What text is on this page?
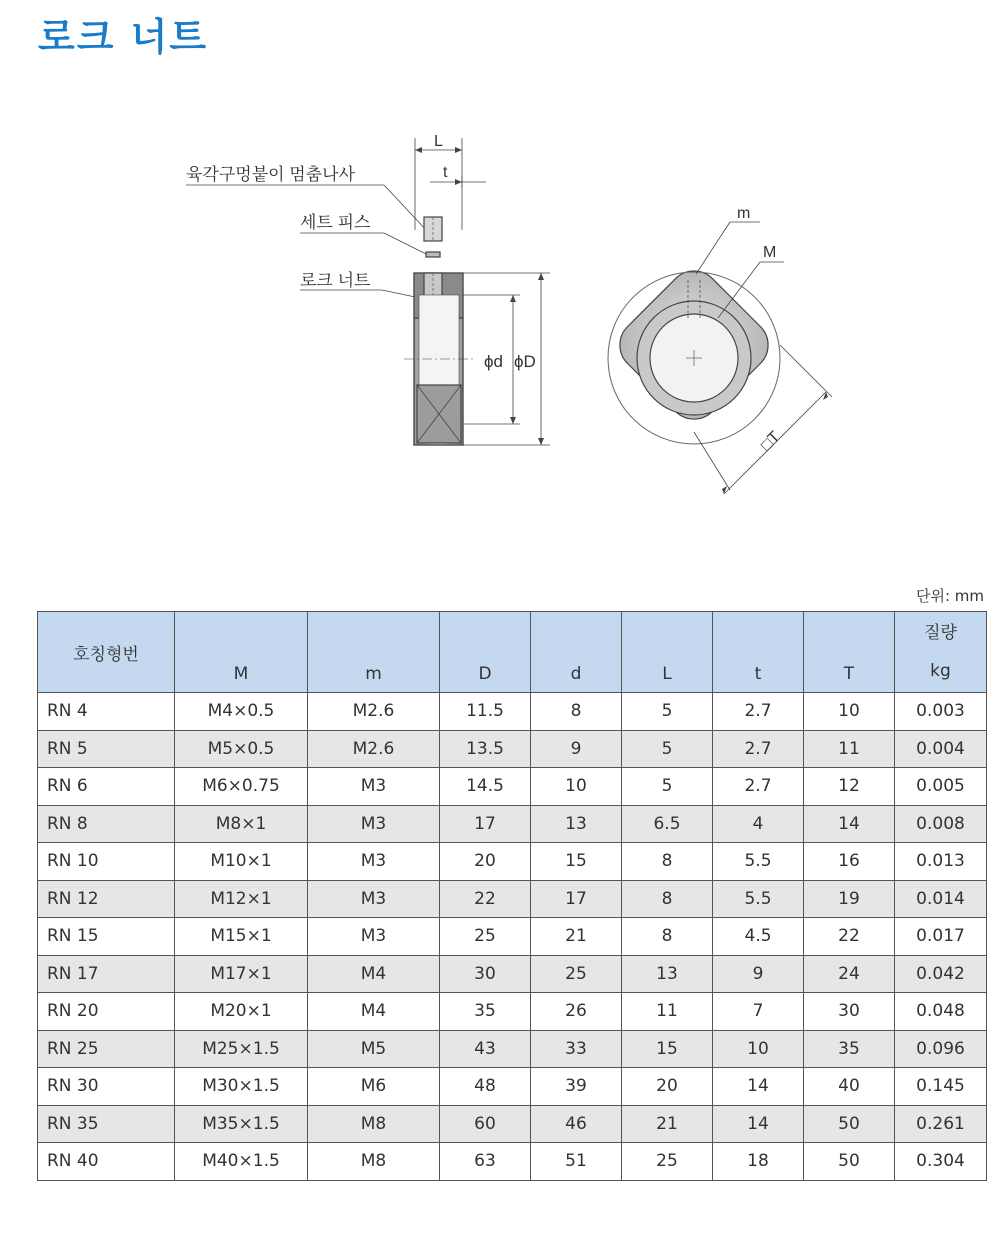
로크 너트
L
t
육각구멍붙이 멈춤나사
세트 피스
로크 너트
ϕd ϕD
m
M
□T
단위: mm
호칭형번	M	m	D	d	L	t	T	질량
kg

RN 4	M4×0.5	M2.6	11.5	8	5	2.7	10	0.003
RN 5	M5×0.5	M2.6	13.5	9	5	2.7	11	0.004
RN 6	M6×0.75	M3	14.5	10	5	2.7	12	0.005
RN 8	M8×1	M3	17	13	6.5	4	14	0.008
RN 10	M10×1	M3	20	15	8	5.5	16	0.013
RN 12	M12×1	M3	22	17	8	5.5	19	0.014
RN 15	M15×1	M3	25	21	8	4.5	22	0.017
RN 17	M17×1	M4	30	25	13	9	24	0.042
RN 20	M20×1	M4	35	26	11	7	30	0.048
RN 25	M25×1.5	M5	43	33	15	10	35	0.096
RN 30	M30×1.5	M6	48	39	20	14	40	0.145
RN 35	M35×1.5	M8	60	46	21	14	50	0.261
RN 40	M40×1.5	M8	63	51	25	18	50	0.304
